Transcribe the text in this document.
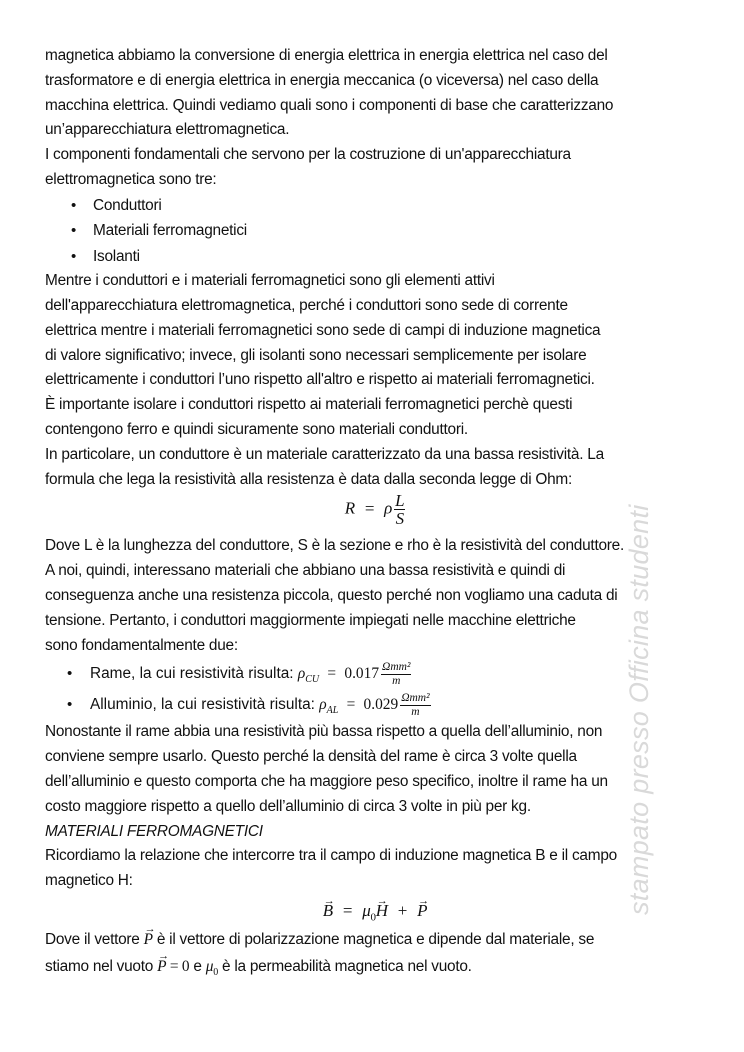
magnetica abbiamo la conversione di energia elettrica in energia elettrica nel caso del
trasformatore e di energia elettrica in energia meccanica (o viceversa) nel caso della
macchina elettrica. Quindi vediamo quali sono i componenti di base che caratterizzano
un’apparecchiatura elettromagnetica.
I componenti fondamentali che servono per la costruzione di un'apparecchiatura
elettromagnetica sono tre:
• Conduttori
• Materiali ferromagnetici
• Isolanti
Mentre i conduttori e i materiali ferromagnetici sono gli elementi attivi
dell'apparecchiatura elettromagnetica, perché i conduttori sono sede di corrente
elettrica mentre i materiali ferromagnetici sono sede di campi di induzione magnetica
di valore significativo; invece, gli isolanti sono necessari semplicemente per isolare
elettricamente i conduttori l’uno rispetto all'altro e rispetto ai materiali ferromagnetici.
È importante isolare i conduttori rispetto ai materiali ferromagnetici perchè questi
contengono ferro e quindi sicuramente sono materiali conduttori.
In particolare, un conduttore è un materiale caratterizzato da una bassa resistività. La
formula che lega la resistività alla resistenza è data dalla seconda legge di Ohm:
R = ρ $\frac{L}{S}$
Dove L è la lunghezza del conduttore, S è la sezione e rho è la resistività del conduttore.
A noi, quindi, interessano materiali che abbiano una bassa resistività e quindi di
conseguenza anche una resistenza piccola, questo perché non vogliamo una caduta di
tensione. Pertanto, i conduttori maggiormente impiegati nelle macchine elettriche
sono fondamentalmente due:
• Rame, la cui resistività risulta: $\rho_{CU} = 0.017 \frac{\text{Ωmm²}}{m}$
• Alluminio, la cui resistività risulta: $\rho_{AL} = 0.029 \frac{\text{Ωmm²}}{m}$
Nonostante il rame abbia una resistività più bassa rispetto a quella dell’alluminio, non
conviene sempre usarlo. Questo perché la densità del rame è circa 3 volte quella
dell’alluminio e questo comporta che ha maggiore peso specifico, inoltre il rame ha un
costo maggiore rispetto a quello dell’alluminio di circa 3 volte in più per kg.
MATERIALI FERROMAGNETICI
Ricordiamo la relazione che intercorre tra il campo di induzione magnetica B e il campo
magnetico H:
B → = $\mu_0H$ → + P →
Dove il vettore P → è il vettore di polarizzazione magnetica e dipende dal materiale, se
stiamo nel vuoto P → = 0 e $\mu_0$ è la permeabilità magnetica nel vuoto.
stampato presso Officina studenti
